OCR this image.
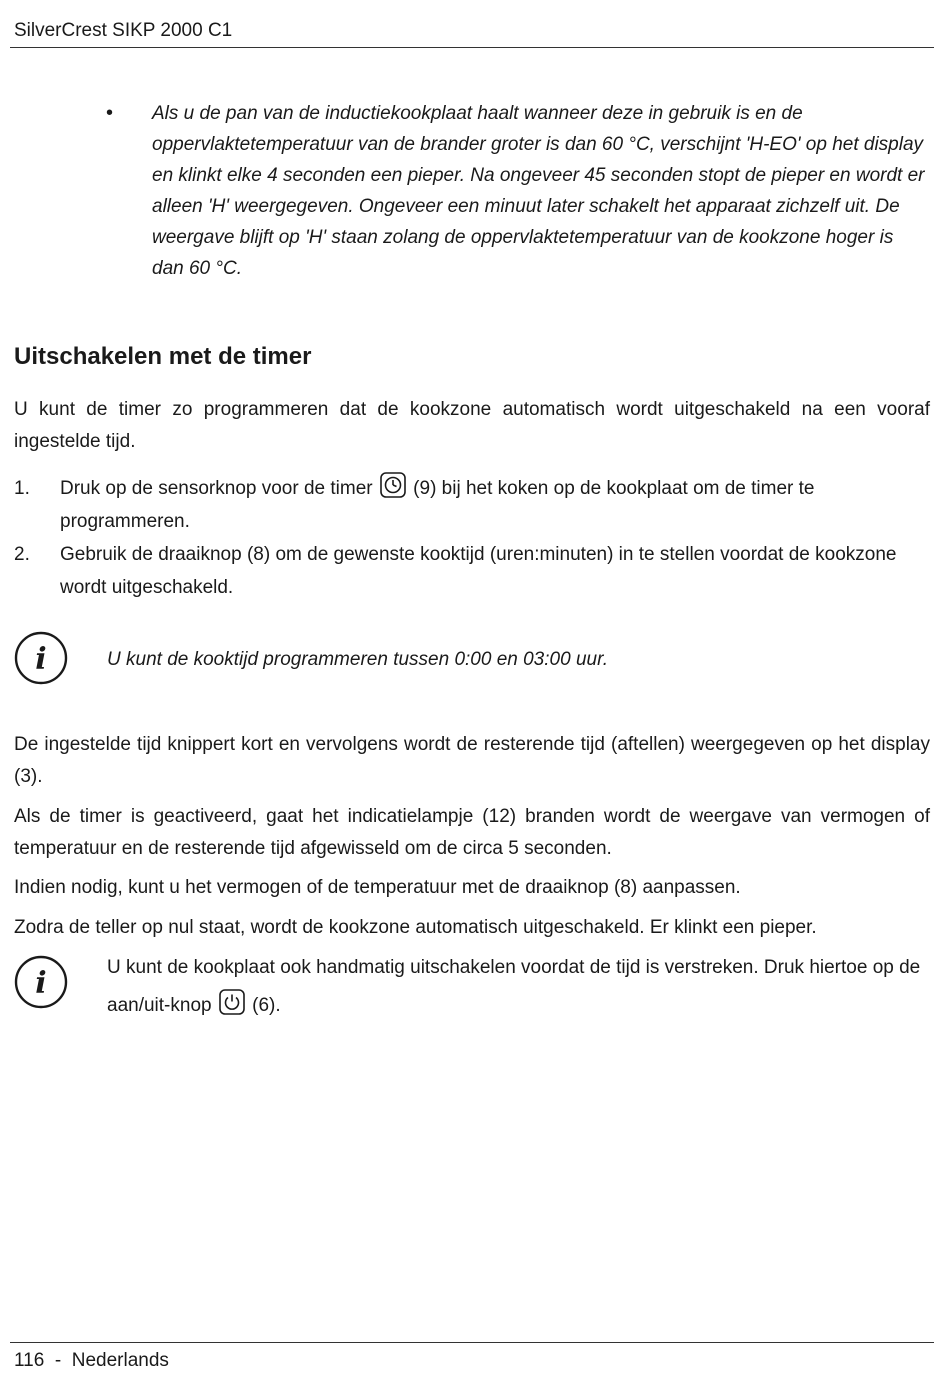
SilverCrest SIKP 2000 C1
• Als u de pan van de inductiekookplaat haalt wanneer deze in gebruik is en de oppervlaktetemperatuur van de brander groter is dan 60 °C, verschijnt 'H-EO' op het display en klinkt elke 4 seconden een pieper. Na ongeveer 45 seconden stopt de pieper en wordt er alleen 'H' weergegeven. Ongeveer een minuut later schakelt het apparaat zichzelf uit. De weergave blijft op 'H' staan zolang de oppervlaktetemperatuur van de kookzone hoger is dan 60 °C.
Uitschakelen met de timer
U kunt de timer zo programmeren dat de kookzone automatisch wordt uitgeschakeld na een vooraf ingestelde tijd.
1. Druk op de sensorknop voor de timer (9) bij het koken op de kookplaat om de timer te programmeren.
2. Gebruik de draaiknop (8) om de gewenste kooktijd (uren:minuten) in te stellen voordat de kookzone wordt uitgeschakeld.
i	U kunt de kooktijd programmeren tussen 0:00 en 03:00 uur.
De ingestelde tijd knippert kort en vervolgens wordt de resterende tijd (aftellen) weergegeven op het display (3).
Als de timer is geactiveerd, gaat het indicatielampje (12) branden wordt de weergave van vermogen of temperatuur en de resterende tijd afgewisseld om de circa 5 seconden.
Indien nodig, kunt u het vermogen of de temperatuur met de draaiknop (8) aanpassen.
Zodra de teller op nul staat, wordt de kookzone automatisch uitgeschakeld. Er klinkt een pieper.
i	U kunt de kookplaat ook handmatig uitschakelen voordat de tijd is verstreken. Druk hiertoe op de aan/uit-knop (6).
116  -  Nederlands
